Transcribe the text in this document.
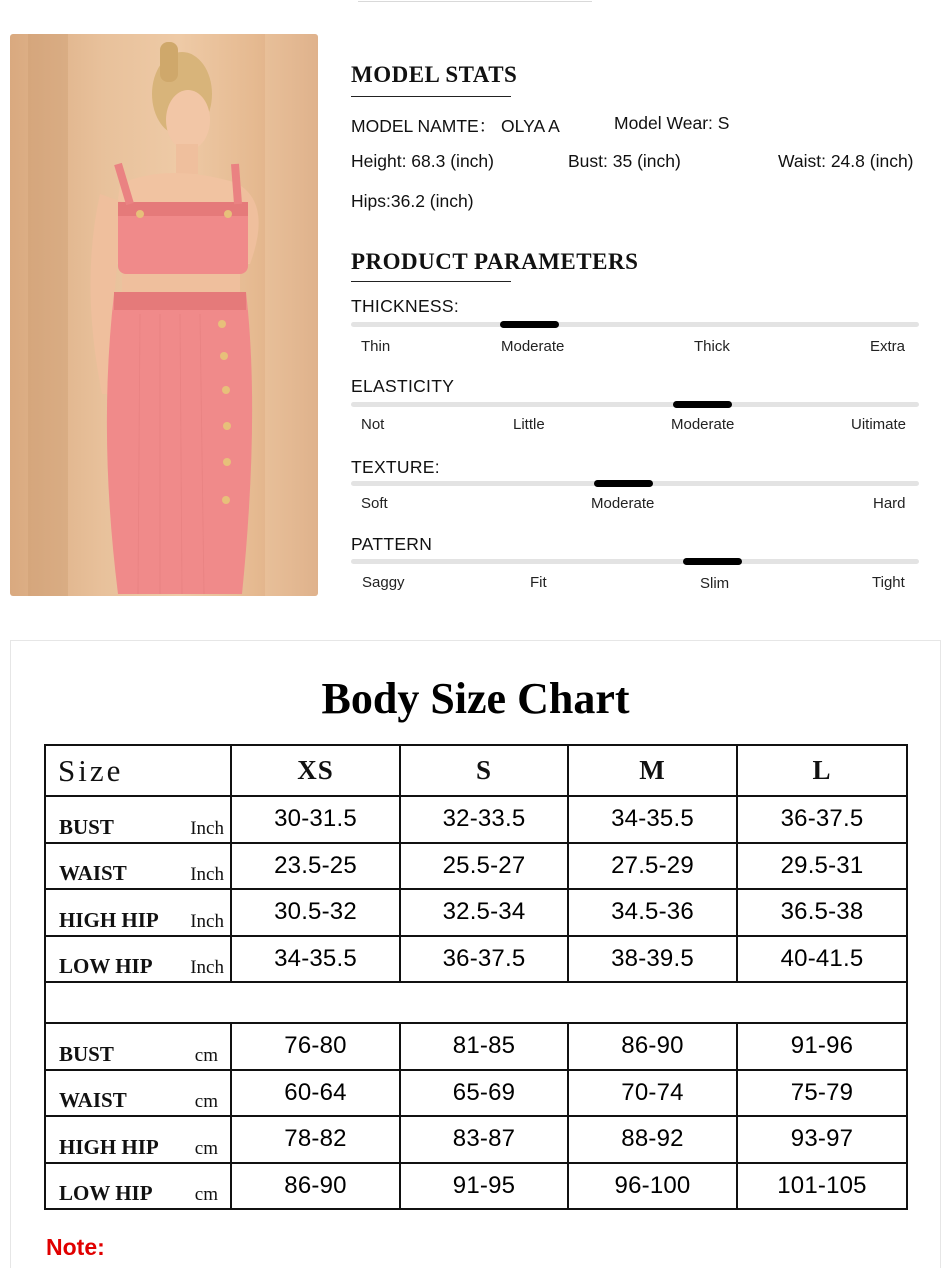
MODEL STATS
MODEL NAMTE： OLYA A	Model Wear: S
Height: 68.3 (inch)	Bust: 35 (inch)	Waist: 24.8 (inch)
Hips:36.2 (inch)
PRODUCT PARAMETERS
THICKNESS:
Thin	Moderate	Thick	Extra
ELASTICITY
Not	Little	Moderate	Uitimate
TEXTURE:
Soft	Moderate	Hard
PATTERN
Saggy	Fit	Slim	Tight
Body Size Chart
Size	XS	S	M	L

BUST Inch	30-31.5	32-33.5	34-35.5	36-37.5

WAIST Inch	23.5-25	25.5-27	27.5-29	29.5-31

HIGH HIP Inch	30.5-32	32.5-34	34.5-36	36.5-38

LOW HIP Inch	34-35.5	36-37.5	38-39.5	40-41.5

BUST cm	76-80	81-85	86-90	91-96

WAIST cm	60-64	65-69	70-74	75-79

HIGH HIP cm	78-82	83-87	88-92	93-97

LOW HIP cm	86-90	91-95	96-100	101-105
Note:
